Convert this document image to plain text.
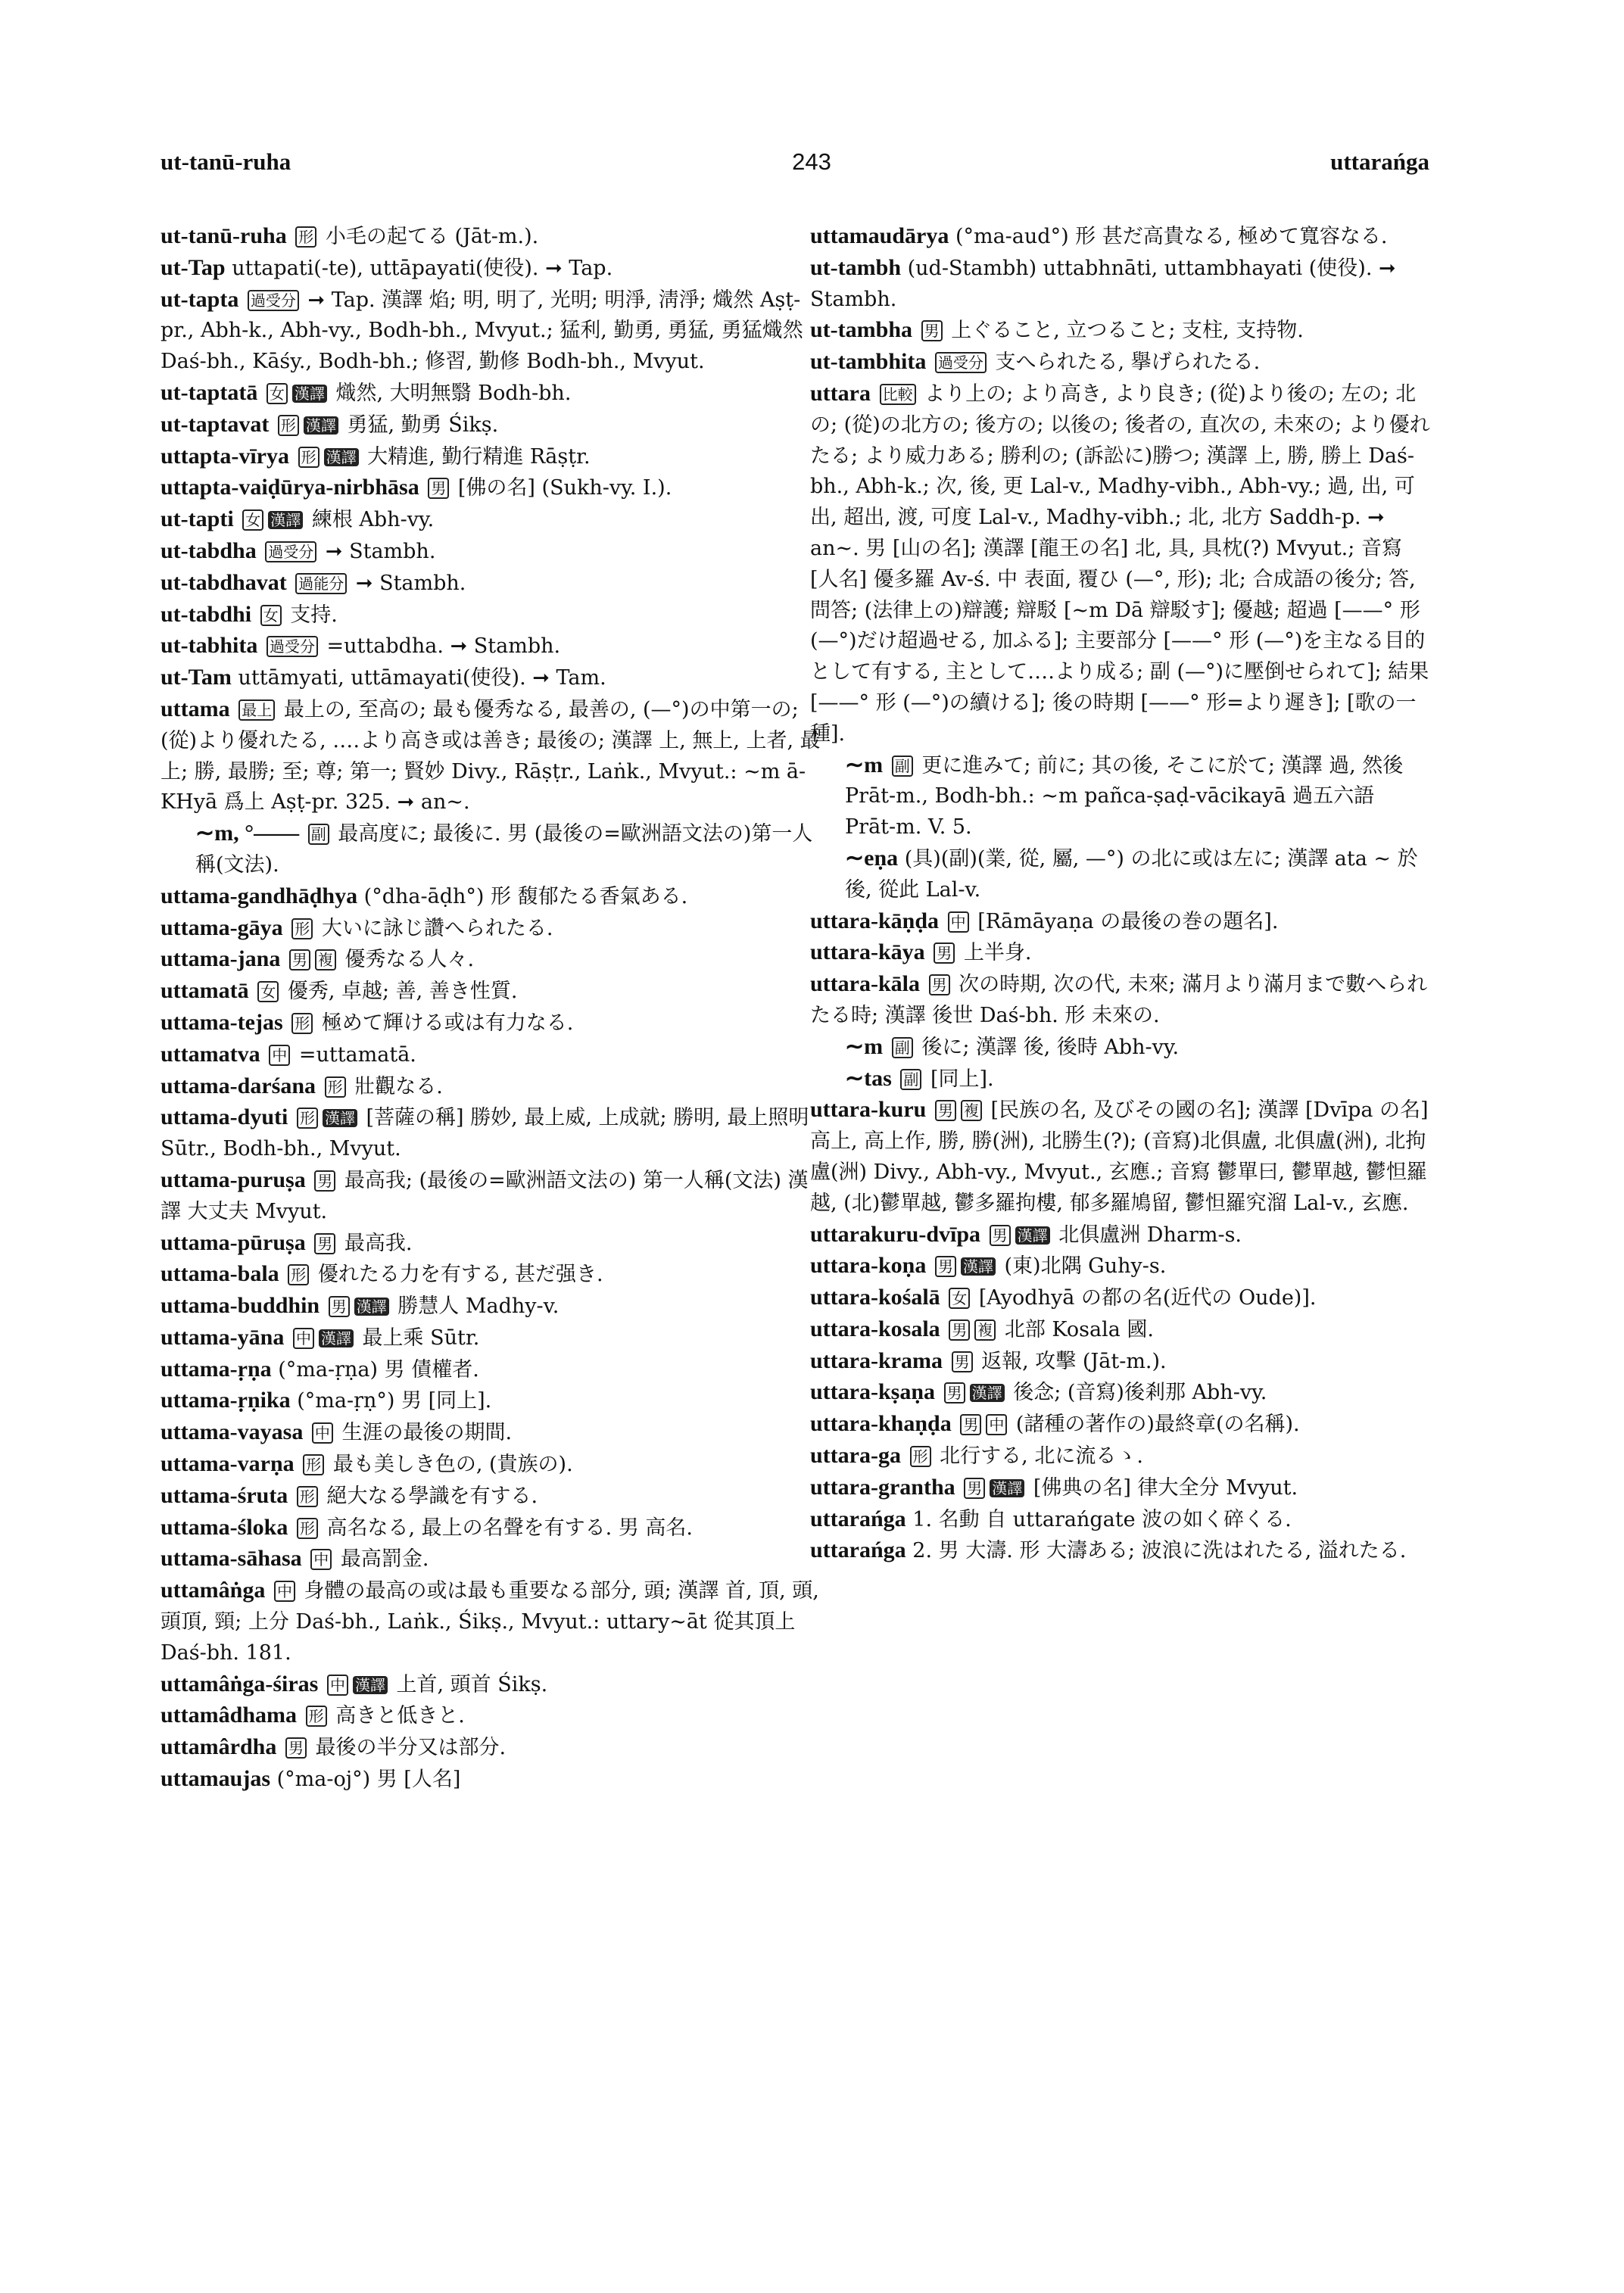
ut-tanū-ruha	243	uttarańga
ut-tanū-ruha 形 小毛の起てる (Jāt-m.).
ut-Tap uttapati(-te), uttāpayati(使役). ➞ Tap.
ut-tapta 過受分 ➞ Tap. 漢譯 焰; 明, 明了, 光明; 明淨, 淸淨; 熾然 Aṣṭ-pr., Abh-k., Abh-vy., Bodh-bh., Mvyut.; 猛利, 勤勇, 勇猛, 勇猛熾然 Daś-bh., Kāśy., Bodh-bh.; 修習, 勤修 Bodh-bh., Mvyut.
ut-taptatā 女 漢譯 熾然, 大明無翳 Bodh-bh.
ut-taptavat 形 漢譯 勇猛, 勤勇 Śikṣ.
uttapta-vīrya 形 漢譯 大精進, 勤行精進 Rāṣṭr.
uttapta-vaiḍūrya-nirbhāsa 男 [佛の名] (Sukh-vy. I.).
ut-tapti 女 漢譯 練根 Abh-vy.
ut-tabdha 過受分 ➞ Stambh.
ut-tabdhavat 過能分 ➞ Stambh.
ut-tabdhi 女 支持.
ut-tabhita 過受分 =uttabdha. ➞ Stambh.
ut-Tam uttāmyati, uttāmayati(使役). ➞ Tam.
uttama 最上 最上の, 至高の; 最も優秀なる, 最善の, (—°)の中第一の; (從)より優れたる, ‥‥より高き或は善き; 最後の; 漢譯 上, 無上, 上者, 最上; 勝, 最勝; 至; 尊; 第一; 賢妙 Divy., Rāṣṭr., Laṅk., Mvyut.: ∼m ā-KHyā 爲上 Aṣṭ-pr. 325. ➞ an∼.
∼m, °—— 副 最高度に; 最後に. 男 (最後の=歐洲語文法の)第一人稱(文法).
uttama-gandhāḍhya (°dha-āḍh°) 形 馥郁たる香氣ある.
uttama-gāya 形 大いに詠じ讚へられたる.
uttama-jana 男 複 優秀なる人々.
uttamatā 女 優秀, 卓越; 善, 善き性質.
uttama-tejas 形 極めて輝ける或は有力なる.
uttamatva 中 =uttamatā.
uttama-darśana 形 壯觀なる.
uttama-dyuti 形 漢譯 [菩薩の稱] 勝妙, 最上威, 上成就; 勝明, 最上照明 Sūtr., Bodh-bh., Mvyut.
uttama-puruṣa 男 最高我; (最後の=歐洲語文法の) 第一人稱(文法) 漢譯 大丈夫 Mvyut.
uttama-pūruṣa 男 最高我.
uttama-bala 形 優れたる力を有する, 甚だ强き.
uttama-buddhin 男 漢譯 勝慧人 Madhy-v.
uttama-yāna 中 漢譯 最上乘 Sūtr.
uttama-ṛṇa (°ma-ṛṇa) 男 債權者.
uttama-ṛṇika (°ma-ṛṇ°) 男 [同上].
uttama-vayasa 中 生涯の最後の期間.
uttama-varṇa 形 最も美しき色の, (貴族の).
uttama-śruta 形 絕大なる學識を有する.
uttama-śloka 形 高名なる, 最上の名聲を有する. 男 高名.
uttama-sāhasa 中 最高罰金.
uttamâṅga 中 身體の最高の或は最も重要なる部分, 頭; 漢譯 首, 頂, 頭, 頭頂, 頸; 上分 Daś-bh., Laṅk., Śikṣ., Mvyut.: uttary∼āt 從其頂上 Daś-bh. 181.
uttamâṅga-śiras 中 漢譯 上首, 頭首 Śikṣ.
uttamâdhama 形 高きと低きと.
uttamârdha 男 最後の半分又は部分.
uttamaujas (°ma-oj°) 男 [人名]
uttamaudārya (°ma-aud°) 形 甚だ高貴なる, 極めて寬容なる.
ut-tambh (ud-Stambh) uttabhnāti, uttambhayati (使役). ➞ Stambh.
ut-tambha 男 上ぐること, 立つること; 支柱, 支持物.
ut-tambhita 過受分 支へられたる, 擧げられたる.
uttara 比較 より上の; より高き, より良き; (從)より後の; 左の; 北の; (從)の北方の; 後方の; 以後の; 後者の, 直次の, 未來の; より優れたる; より威力ある; 勝利の; (訴訟に)勝つ; 漢譯 上, 勝, 勝上 Daś-bh., Abh-k.; 次, 後, 更 Lal-v., Madhy-vibh., Abh-vy.; 過, 出, 可出, 超出, 渡, 可度 Lal-v., Madhy-vibh.; 北, 北方 Saddh-p. ➞ an∼. 男 [山の名]; 漢譯 [龍王の名] 北, 具, 具枕(?) Mvyut.; 音寫 [人名] 優多羅 Av-ś. 中 表面, 覆ひ (—°, 形); 北; 合成語の後分; 答, 問答; (法律上の)辯護; 辯駁 [∼m Dā 辯駁す]; 優越; 超過 [——° 形 (—°)だけ超過せる, 加ふる]; 主要部分 [——° 形 (—°)を主なる目的として有する, 主として‥‥より成る; 副 (—°)に壓倒せられて]; 結果 [——° 形 (—°)の續ける]; 後の時期 [——° 形=より遲き]; [歌の一種].
∼m 副 更に進みて; 前に; 其の後, そこに於て; 漢譯 過, 然後 Prāt-m., Bodh-bh.: ∼m pañca-ṣaḍ-vācikayā 過五六語 Prāt-m. V. 5.
∼eṇa (具)(副)(業, 從, 屬, —°) の北に或は左に; 漢譯 ata ∼ 於後, 從此 Lal-v.
uttara-kāṇḍa 中 [Rāmāyaṇa の最後の巻の題名].
uttara-kāya 男 上半身.
uttara-kāla 男 次の時期, 次の代, 未來; 滿月より滿月まで數へられたる時; 漢譯 後世 Daś-bh. 形 未來の.
∼m 副 後に; 漢譯 後, 後時 Abh-vy.
∼tas 副 [同上].
uttara-kuru 男 複 [民族の名, 及びその國の名]; 漢譯 [Dvīpa の名] 高上, 高上作, 勝, 勝(洲), 北勝生(?); (音寫)北俱盧, 北俱盧(洲), 北拘盧(洲) Divy., Abh-vy., Mvyut., 玄應.; 音寫 鬱單曰, 鬱單越, 鬱怛羅越, (北)鬱單越, 鬱多羅拘樓, 郁多羅鳩留, 鬱怛羅究溜 Lal-v., 玄應.
uttarakuru-dvīpa 男 漢譯 北俱盧洲 Dharm-s.
uttara-koṇa 男 漢譯 (東)北隅 Guhy-s.
uttara-kośalā 女 [Ayodhyā の都の名(近代の Oude)].
uttara-kosala 男 複 北部 Kosala 國.
uttara-krama 男 返報, 攻擊 (Jāt-m.).
uttara-kṣaṇa 男 漢譯 後念; (音寫)後剎那 Abh-vy.
uttara-khaṇḍa 男 中 (諸種の著作の)最終章(の名稱).
uttara-ga 形 北行する, 北に流るゝ.
uttara-grantha 男 漢譯 [佛典の名] 律大全分 Mvyut.
uttarańga 1. 名動 自 uttarańgate 波の如く碎くる.
uttarańga 2. 男 大濤. 形 大濤ある; 波浪に洗はれたる, 溢れたる.
